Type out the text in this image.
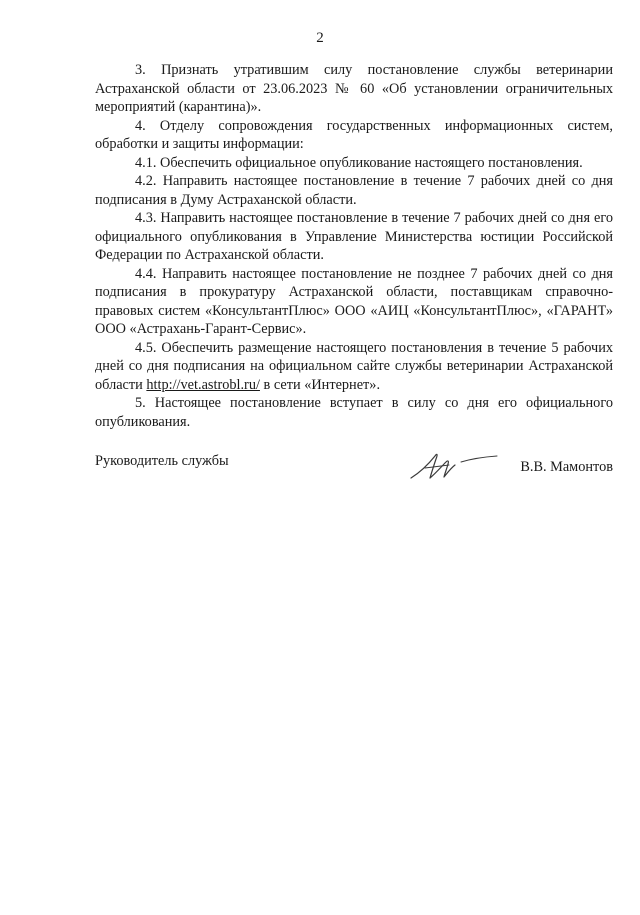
2

3. Признать утратившим силу постановление службы ветеринарии Астраханской области от 23.06.2023 № 60 «Об установлении ограничительных мероприятий (карантина)».

4. Отделу сопровождения государственных информационных систем, обработки и защиты информации:

4.1. Обеспечить официальное опубликование настоящего постановления.

4.2. Направить настоящее постановление в течение 7 рабочих дней со дня подписания в Думу Астраханской области.

4.3. Направить настоящее постановление в течение 7 рабочих дней со дня его официального опубликования в Управление Министерства юстиции Российской Федерации по Астраханской области.

4.4. Направить настоящее постановление не позднее 7 рабочих дней со дня подписания в прокуратуру Астраханской области, поставщикам справочно-правовых систем «КонсультантПлюс» ООО «АИЦ «КонсультантПлюс», «ГАРАНТ» ООО «Астрахань-Гарант-Сервис».

4.5. Обеспечить размещение настоящего постановления в течение 5 рабочих дней со дня подписания на официальном сайте службы ветеринарии Астраханской области http://vet.astrobl.ru/ в сети «Интернет».

5. Настоящее постановление вступает в силу со дня его официального опубликования.

Руководитель службы	В.В. Мамонтов
